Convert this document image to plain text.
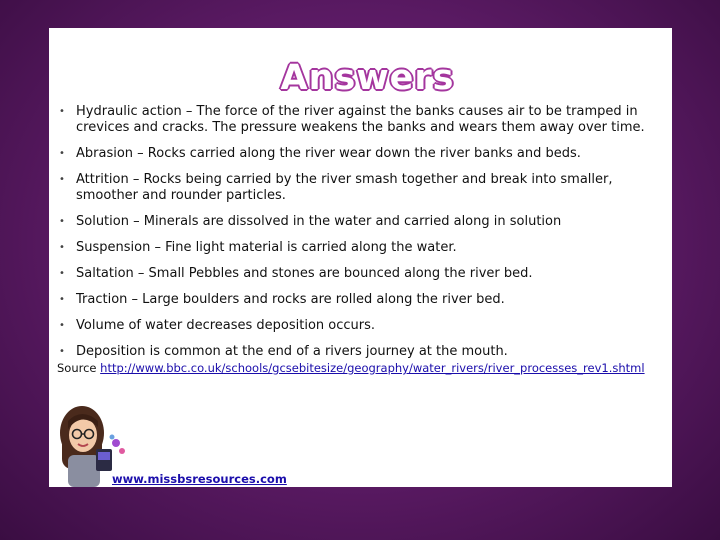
Answers
• Hydraulic action – The force of the river against the banks causes air to be tramped in crevices and cracks. The pressure weakens the banks and wears them away over time.
• Abrasion – Rocks carried along the river wear down the river banks and beds.
• Attrition – Rocks being carried by the river smash together and break into smaller, smoother and rounder particles.
• Solution – Minerals are dissolved in the water and carried along in solution
• Suspension – Fine light material is carried along the water.
• Saltation – Small Pebbles and stones are bounced along the river bed.
• Traction – Large boulders and rocks are rolled along the river bed.
• Volume of water decreases deposition occurs.
• Deposition is common at the end of a rivers journey at the mouth.
Source http://www.bbc.co.uk/schools/gcsebitesize/geography/water_rivers/river_processes_rev1.shtml
www.missbsresources.com
